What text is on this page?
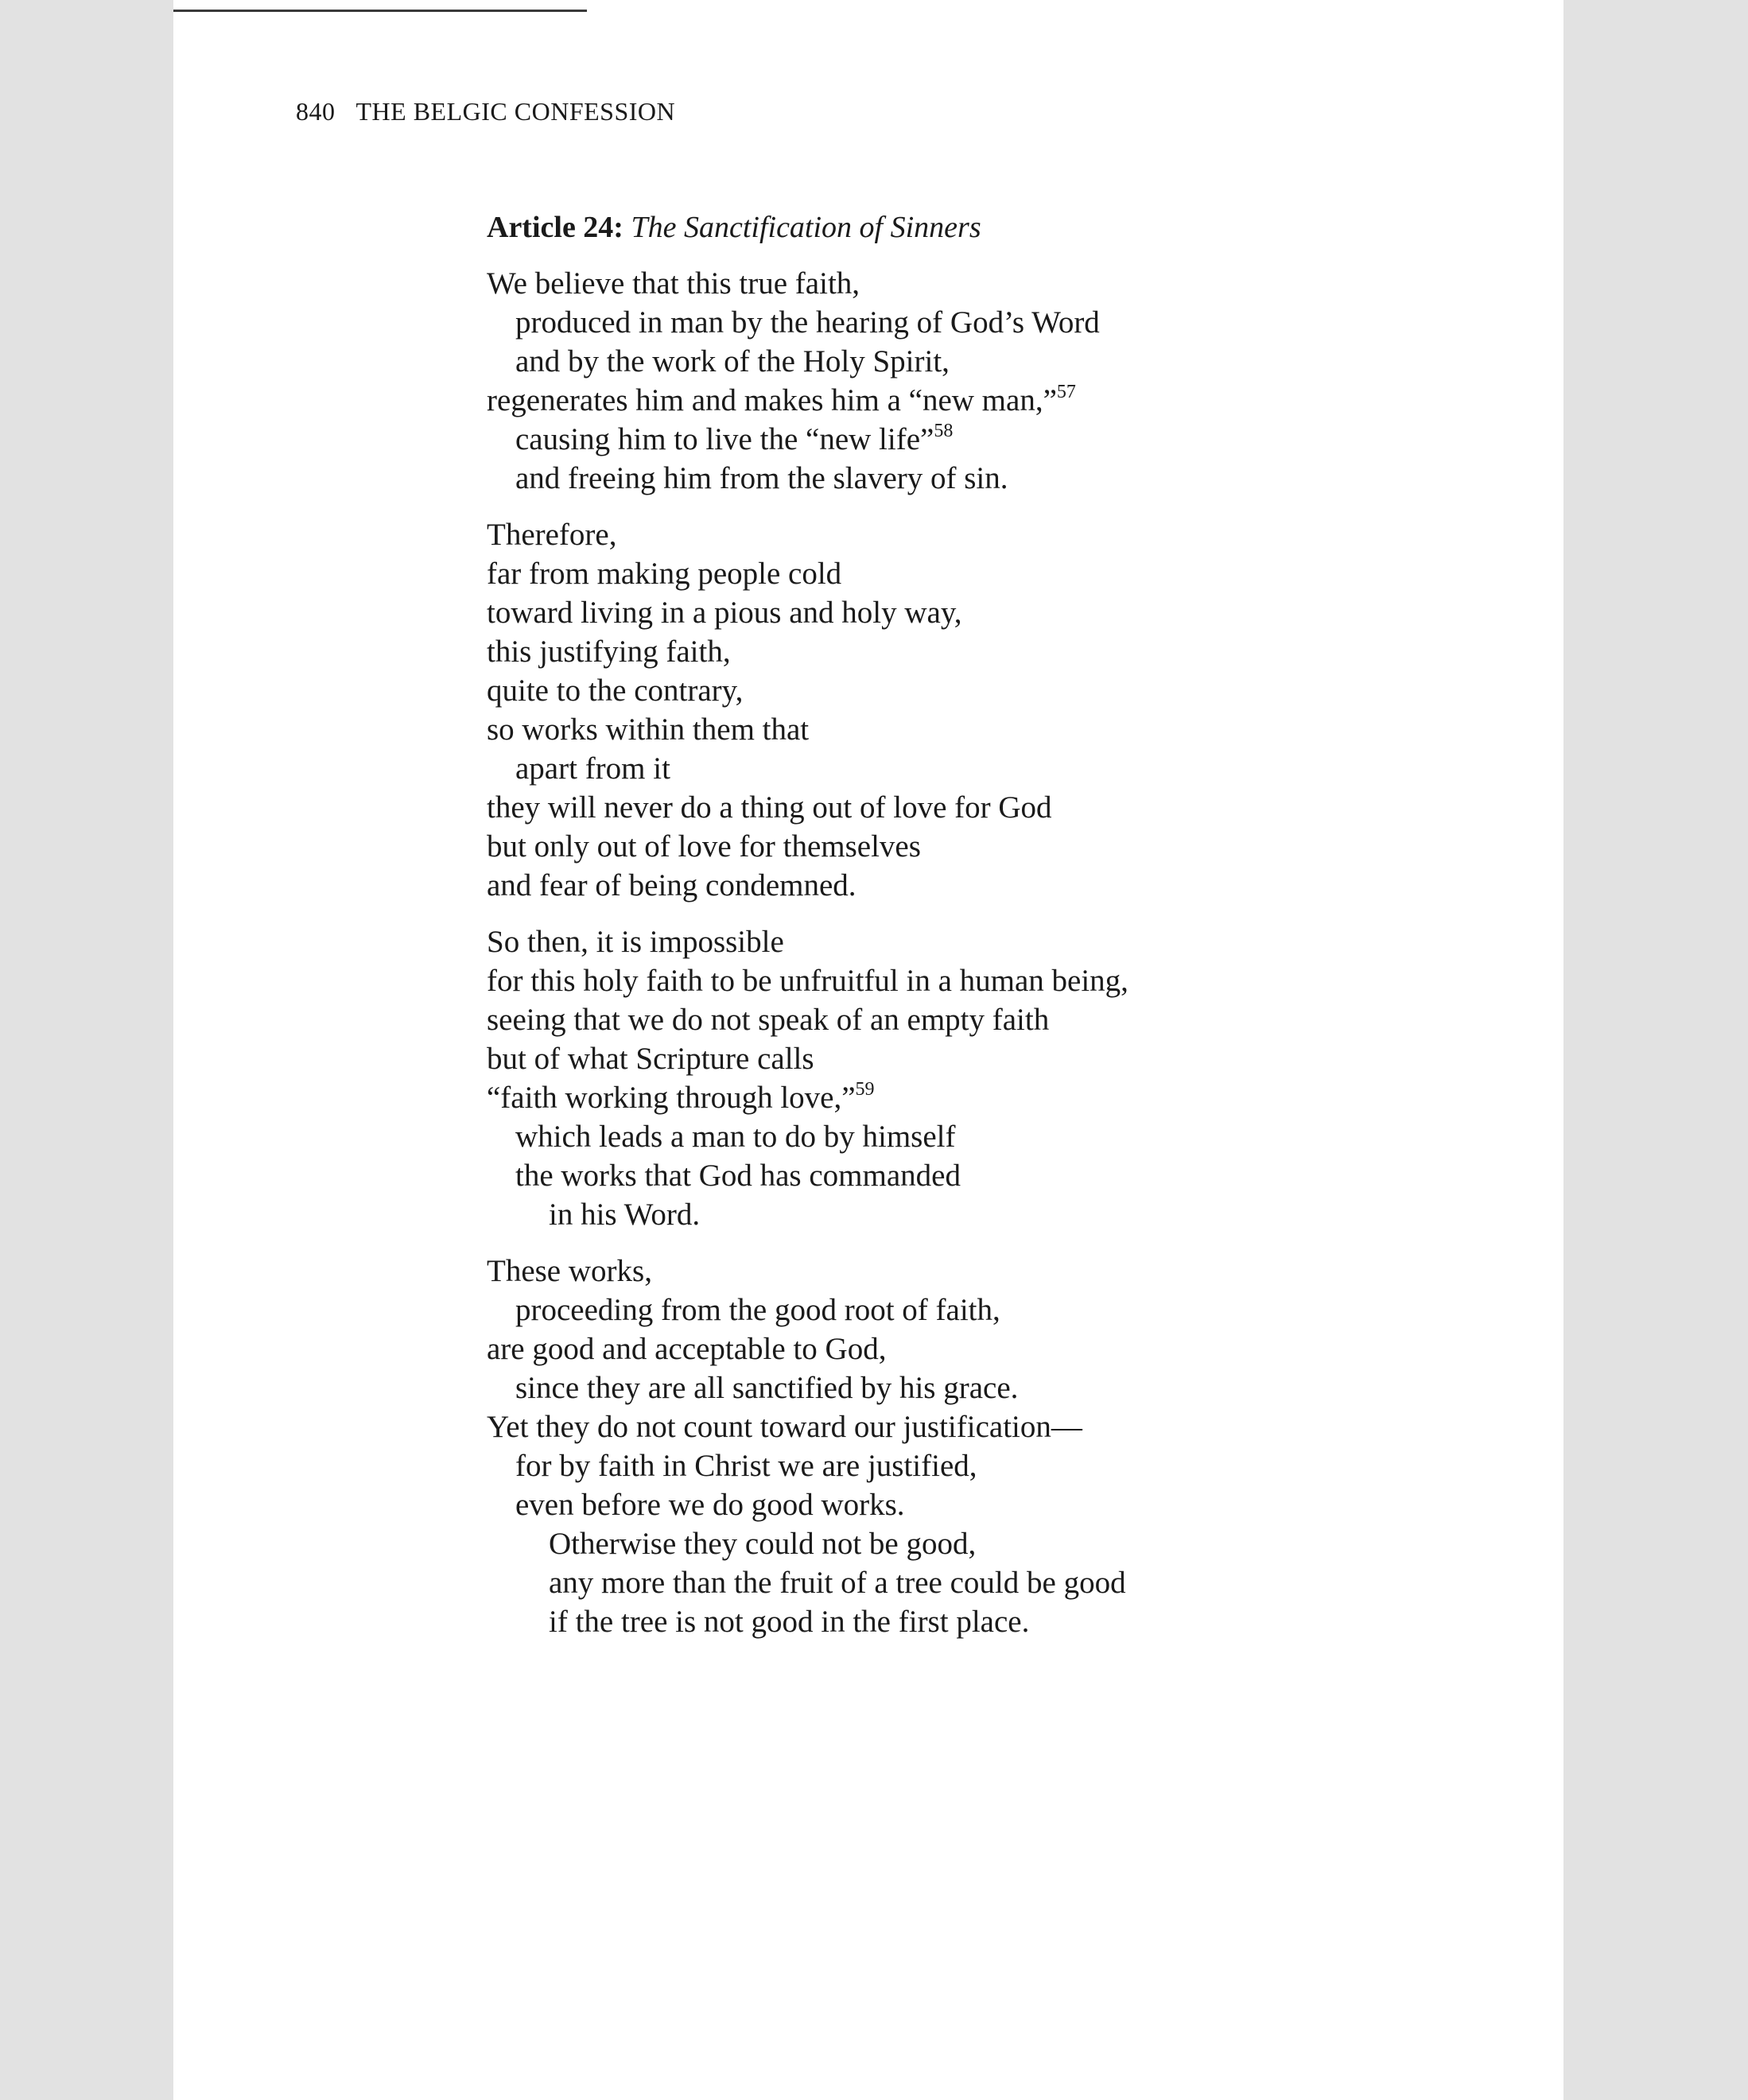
840 THE BELGIC CONFESSION
Article 24: The Sanctification of Sinners
We believe that this true faith,
produced in man by the hearing of God’s Word
and by the work of the Holy Spirit,
regenerates him and makes him a “new man,”$^{57}$
causing him to live the “new life”$^{58}$
and freeing him from the slavery of sin.
Therefore,
far from making people cold
toward living in a pious and holy way,
this justifying faith,
quite to the contrary,
so works within them that
apart from it
they will never do a thing out of love for God
but only out of love for themselves
and fear of being condemned.
So then, it is impossible
for this holy faith to be unfruitful in a human being,
seeing that we do not speak of an empty faith
but of what Scripture calls
“faith working through love,”$^{59}$
which leads a man to do by himself
the works that God has commanded
in his Word.
These works,
proceeding from the good root of faith,
are good and acceptable to God,
since they are all sanctified by his grace.
Yet they do not count toward our justification—
for by faith in Christ we are justified,
even before we do good works.
Otherwise they could not be good,
any more than the fruit of a tree could be good
if the tree is not good in the first place.
